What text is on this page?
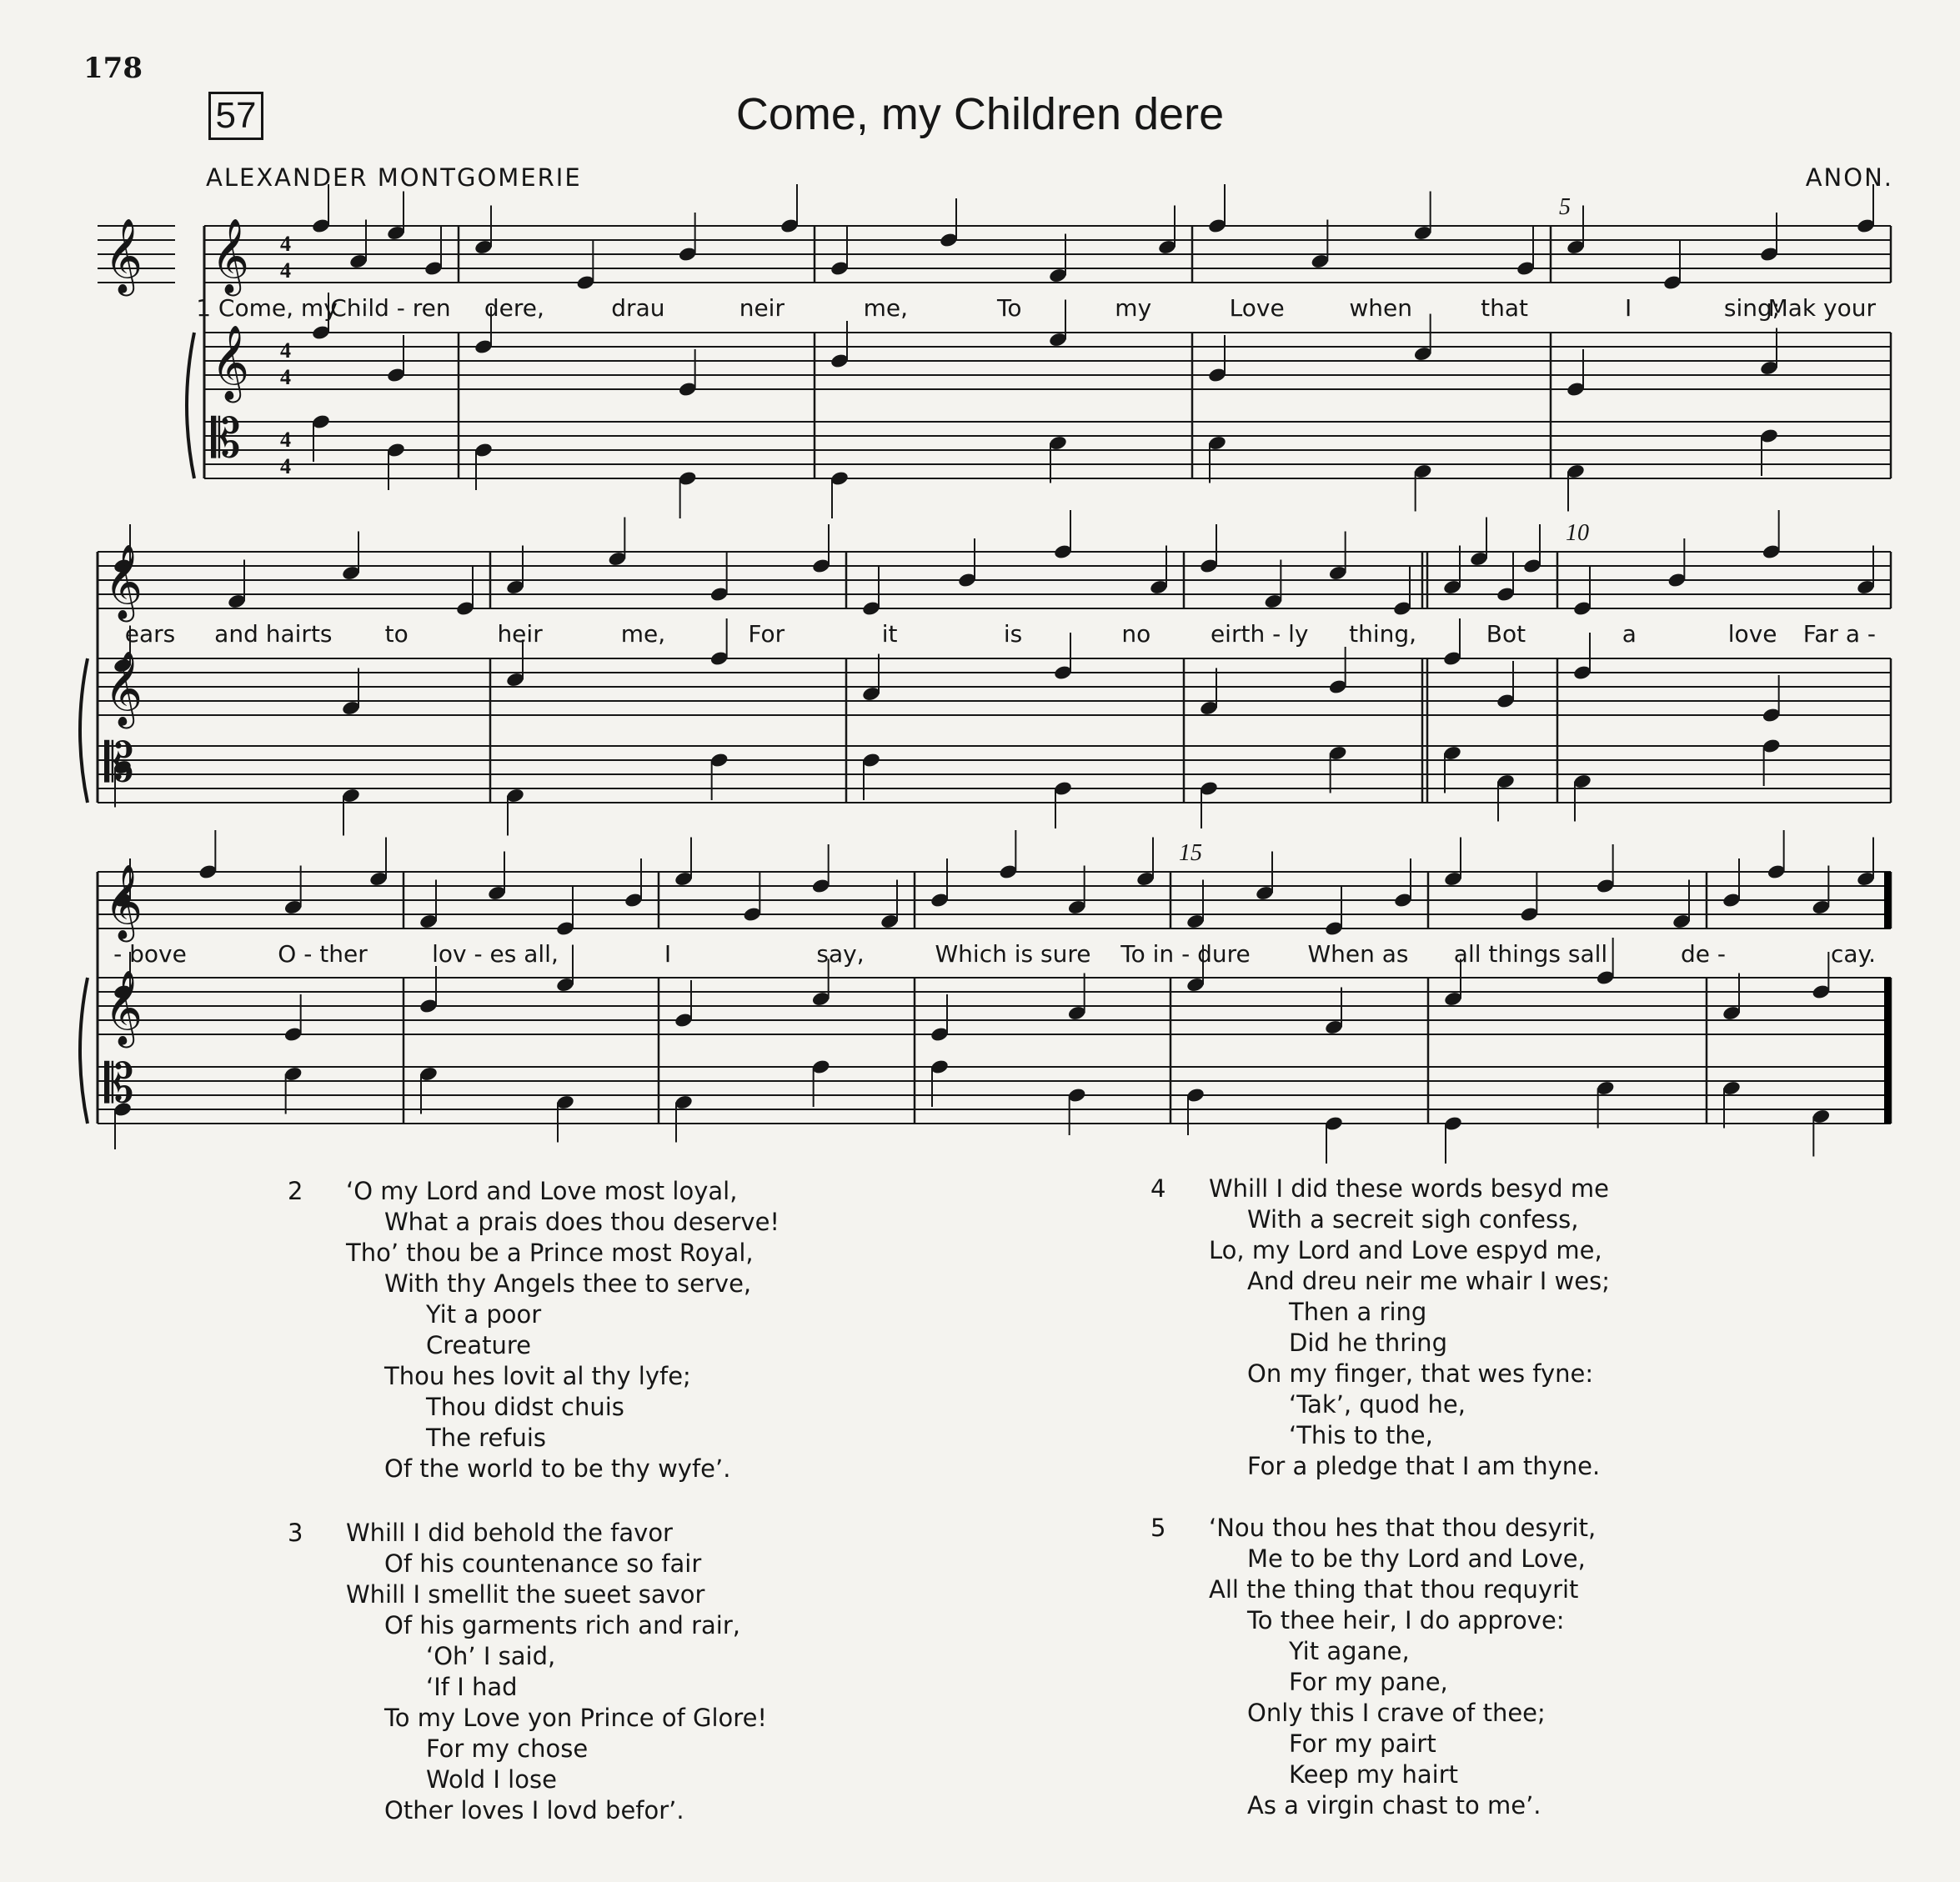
178
57	Come, my Children dere
ALEXANDER MONTGOMERIE	ANON.
𝄞 𝄞
𝄞
𝄡
4
4
4
4
4
4
5
1 Come, my
Child - ren dere,	drau	neir	me,	To	my	Love	when	that	I	sing;
Mak your
𝄞
𝄞
𝄡
10
ears and hairts to	heir	me,	For	it	is	no	eirth - ly thing,	Bot	a	love Far a -
𝄞
𝄞
𝄡
15
- bove	O - ther	lov - es all,	I	say,	Which is sure To in - dure When as all things sall	de -	cay.
2 ‘O my Lord and Love most loyal,
What a prais does thou deserve!
Tho’ thou be a Prince most Royal,
With thy Angels thee to serve,
Yit a poor
Creature
Thou hes lovit al thy lyfe;
Thou didst chuis
The refuis
Of the world to be thy wyfe’.
3 Whill I did behold the favor
Of his countenance so fair
Whill I smellit the sueet savor
Of his garments rich and rair,
‘Oh’ I said,
‘If I had
To my Love yon Prince of Glore!
For my chose
Wold I lose
Other loves I lovd befor’.
4 Whill I did these words besyd me
With a secreit sigh confess,
Lo, my Lord and Love espyd me,
And dreu neir me whair I wes;
Then a ring
Did he thring
On my finger, that wes fyne:
‘Tak’, quod he,
‘This to the,
For a pledge that I am thyne.
5 ‘Nou thou hes that thou desyrit,
Me to be thy Lord and Love,
All the thing that thou requyrit
To thee heir, I do approve:
Yit agane,
For my pane,
Only this I crave of thee;
For my pairt
Keep my hairt
As a virgin chast to me’.
